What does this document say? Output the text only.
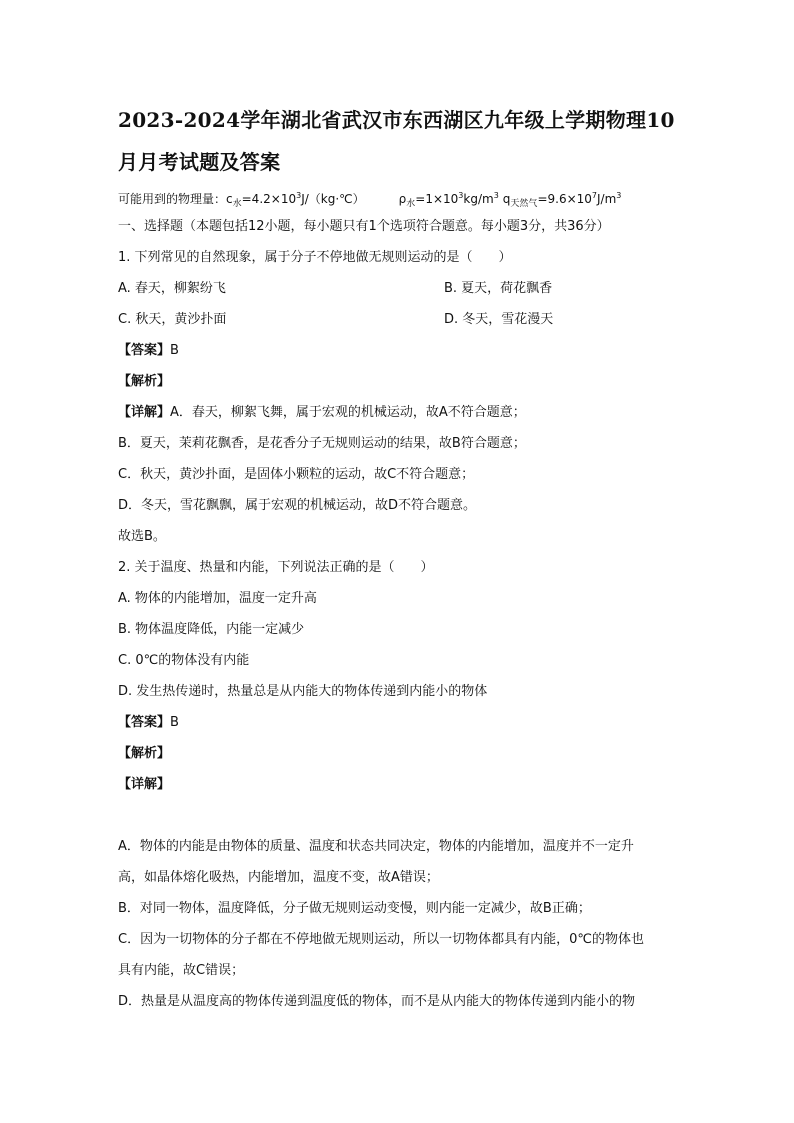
2023-2024学年湖北省武汉市东西湖区九年级上学期物理10
月月考试题及答案
可能用到的物理量：$c_水=4.2\times 10^3J/(kg\cdot℃)$	$\rho_水=1\times 10^3kg/m^3$ $q_{天然气}=9.6\times 10^7J/m^3$
一、选择题（本题包括12小题，每小题只有1个选项符合题意。每小题3分，共36分）
1. 下列常见的自然现象，属于分子不停地做无规则运动的是（　　）
A. 春天，柳絮纷飞	B. 夏天，荷花飘香
C. 秋天，黄沙扑面	D. 冬天，雪花漫天
【答案】B
【解析】
【详解】A．春天，柳絮飞舞，属于宏观的机械运动，故A不符合题意；
B．夏天，茉莉花飘香，是花香分子无规则运动的结果，故B符合题意；
C．秋天，黄沙扑面，是固体小颗粒的运动，故C不符合题意；
D．冬天，雪花飘飘，属于宏观的机械运动，故D不符合题意。
故选B。
2. 关于温度、热量和内能，下列说法正确的是（　　）
A. 物体的内能增加，温度一定升高
B. 物体温度降低，内能一定减少
C. 0℃的物体没有内能
D. 发生热传递时，热量总是从内能大的物体传递到内能小的物体
【答案】B
【解析】
【详解】
A．物体的内能是由物体的质量、温度和状态共同决定，物体的内能增加，温度并不一定升
高，如晶体熔化吸热，内能增加，温度不变，故A错误；
B．对同一物体，温度降低，分子做无规则运动变慢，则内能一定减少，故B正确；
C．因为一切物体的分子都在不停地做无规则运动，所以一切物体都具有内能，0℃的物体也
具有内能，故C错误；
D．热量是从温度高的物体传递到温度低的物体，而不是从内能大的物体传递到内能小的物
